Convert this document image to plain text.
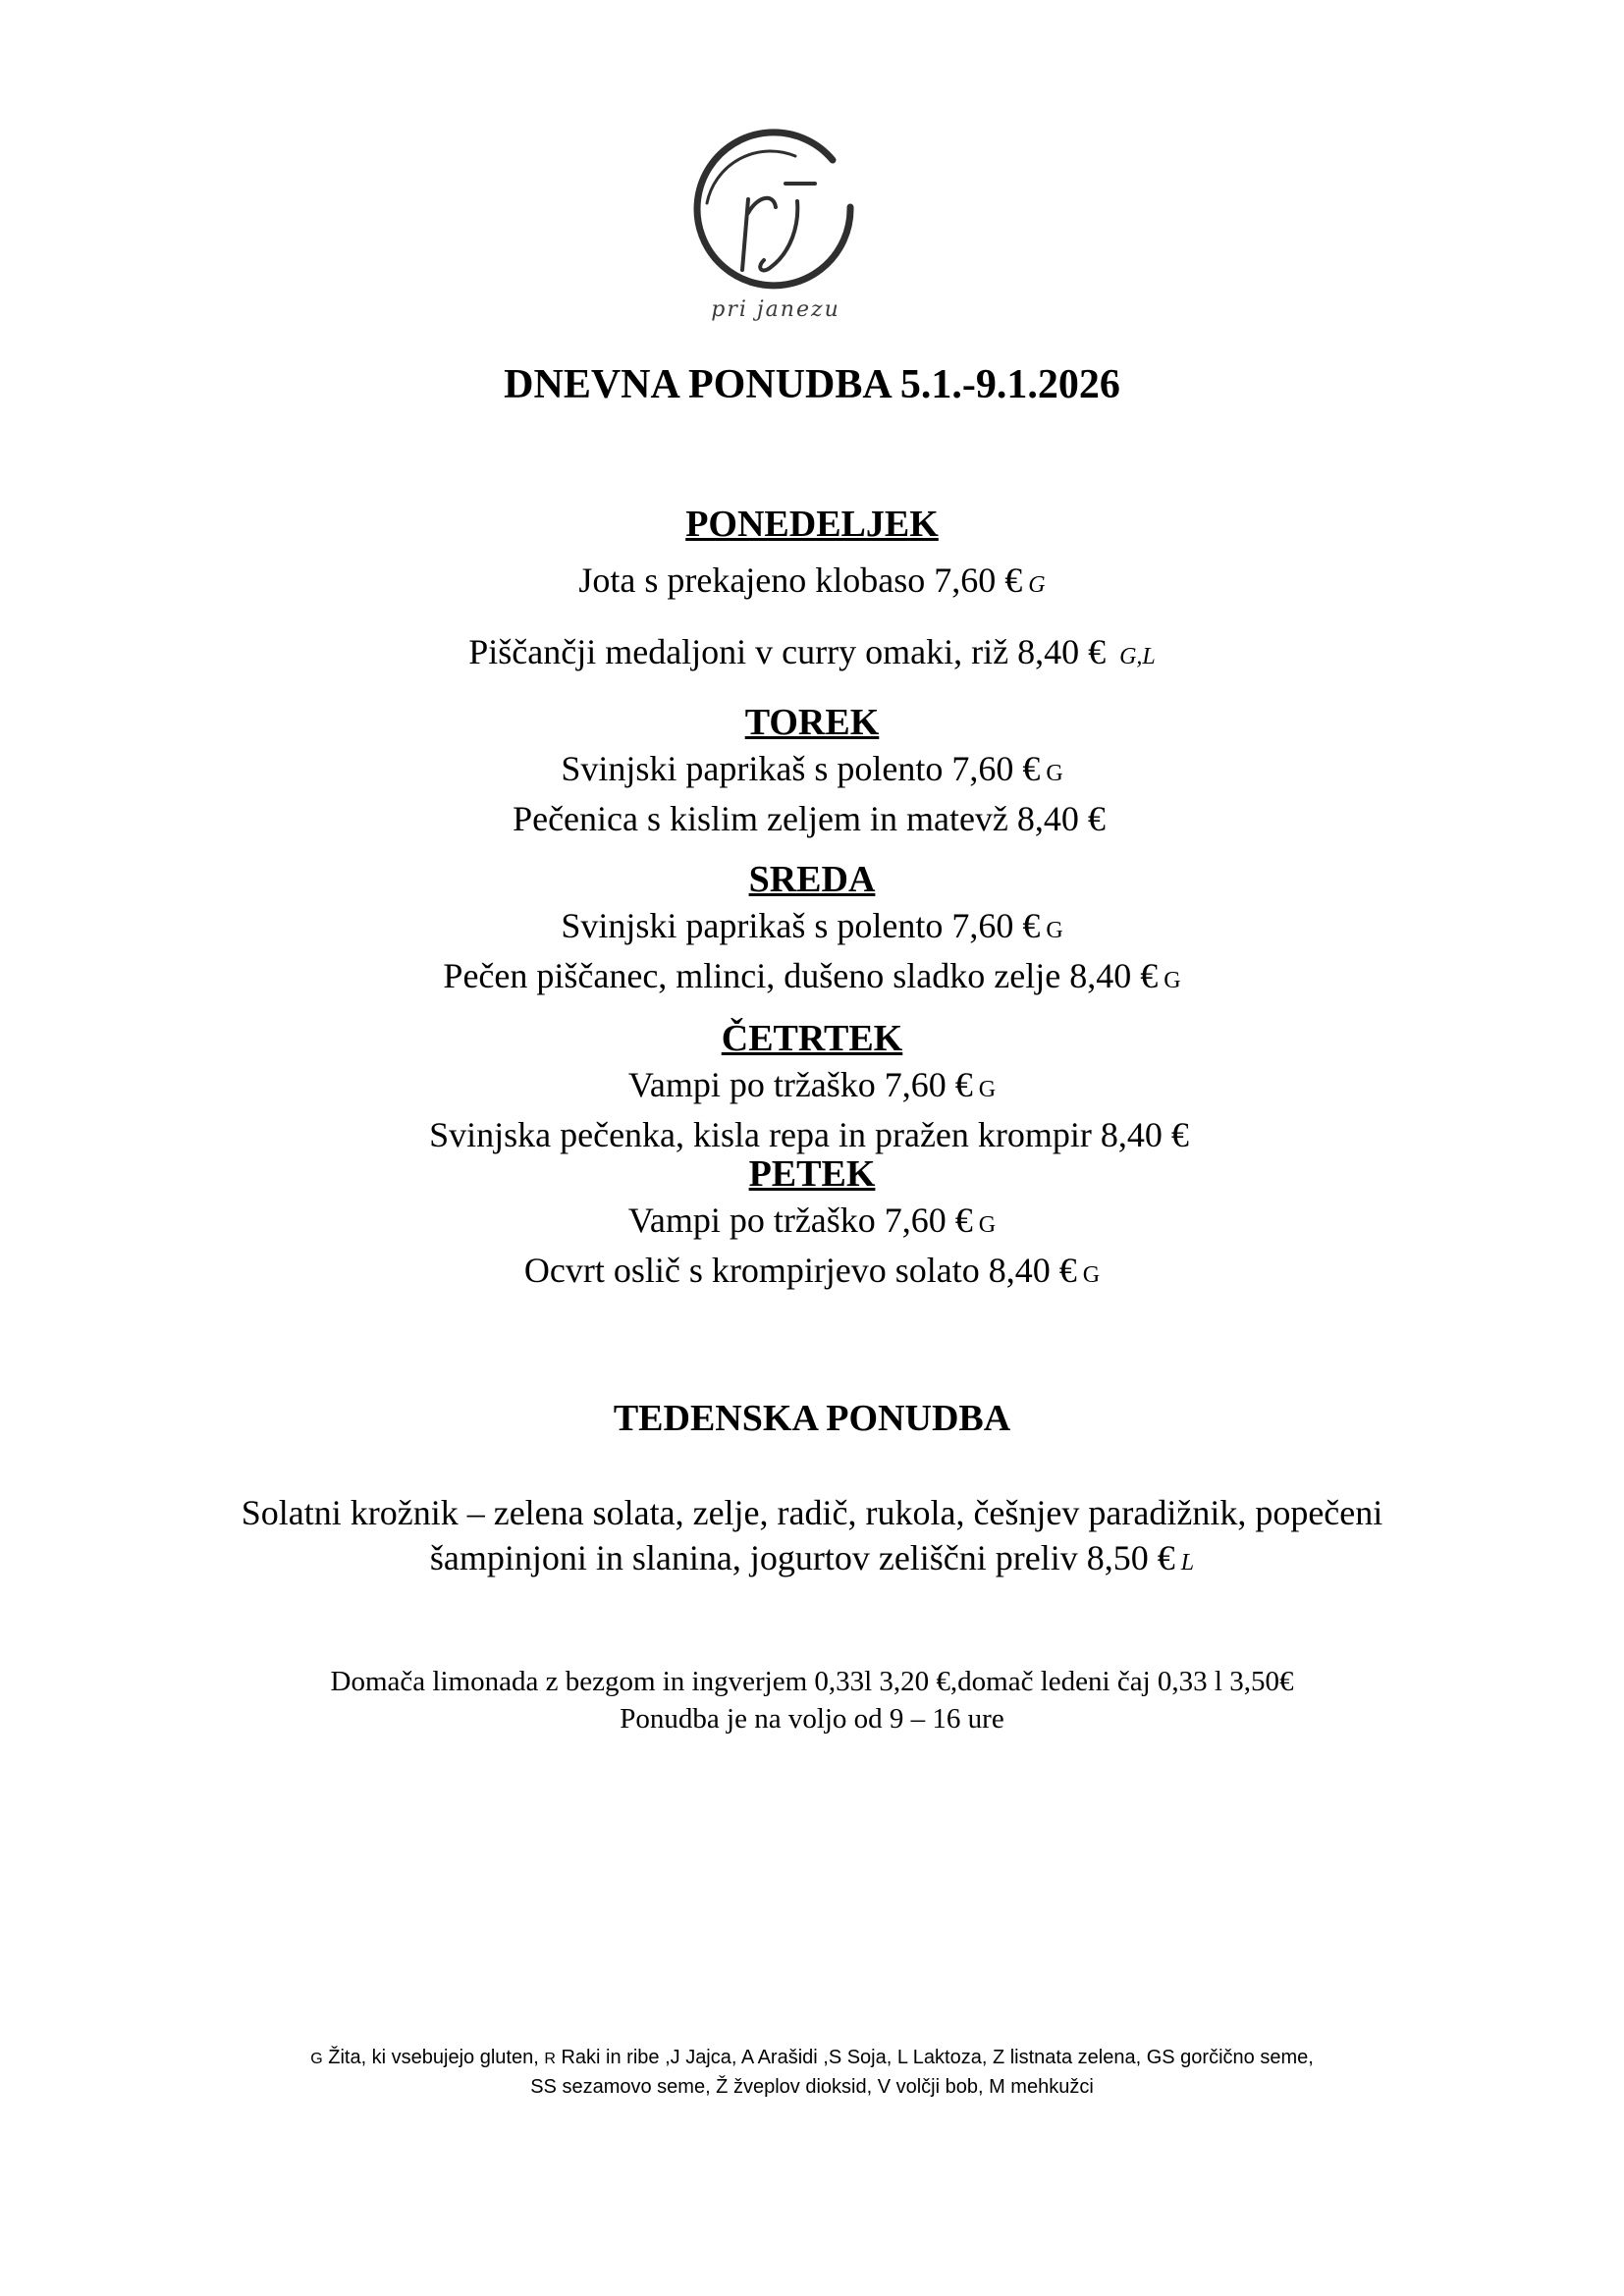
pri janezu
DNEVNA PONUDBA 5.1.-9.1.2026
PONEDELJEK
Jota s prekajeno klobaso 7,60 € G
Piščančji medaljoni v curry omaki, riž 8,40 € G,L
TOREK
Svinjski paprikaš s polento 7,60 € G
Pečenica s kislim zeljem in matevž 8,40 €
SREDA
Svinjski paprikaš s polento 7,60 € G
Pečen piščanec, mlinci, dušeno sladko zelje 8,40 € G
ČETRTEK
Vampi po tržaško 7,60 € G
Svinjska pečenka, kisla repa in pražen krompir 8,40 €
PETEK
Vampi po tržaško 7,60 € G
Ocvrt oslič s krompirjevo solato 8,40 € G
TEDENSKA PONUDBA
Solatni krožnik – zelena solata, zelje, radič, rukola, češnjev paradižnik, popečeni
šampinjoni in slanina, jogurtov zeliščni preliv 8,50 € L
Domača limonada z bezgom in ingverjem 0,33l 3,20 €,domač ledeni čaj 0,33 l 3,50€
Ponudba je na voljo od 9 – 16 ure
G Žita, ki vsebujejo gluten, R Raki in ribe ,J Jajca, A Arašidi ,S Soja, L Laktoza, Z listnata zelena, GS gorčično seme,
SS sezamovo seme, Ž žveplov dioksid, V volčji bob, M mehkužci
